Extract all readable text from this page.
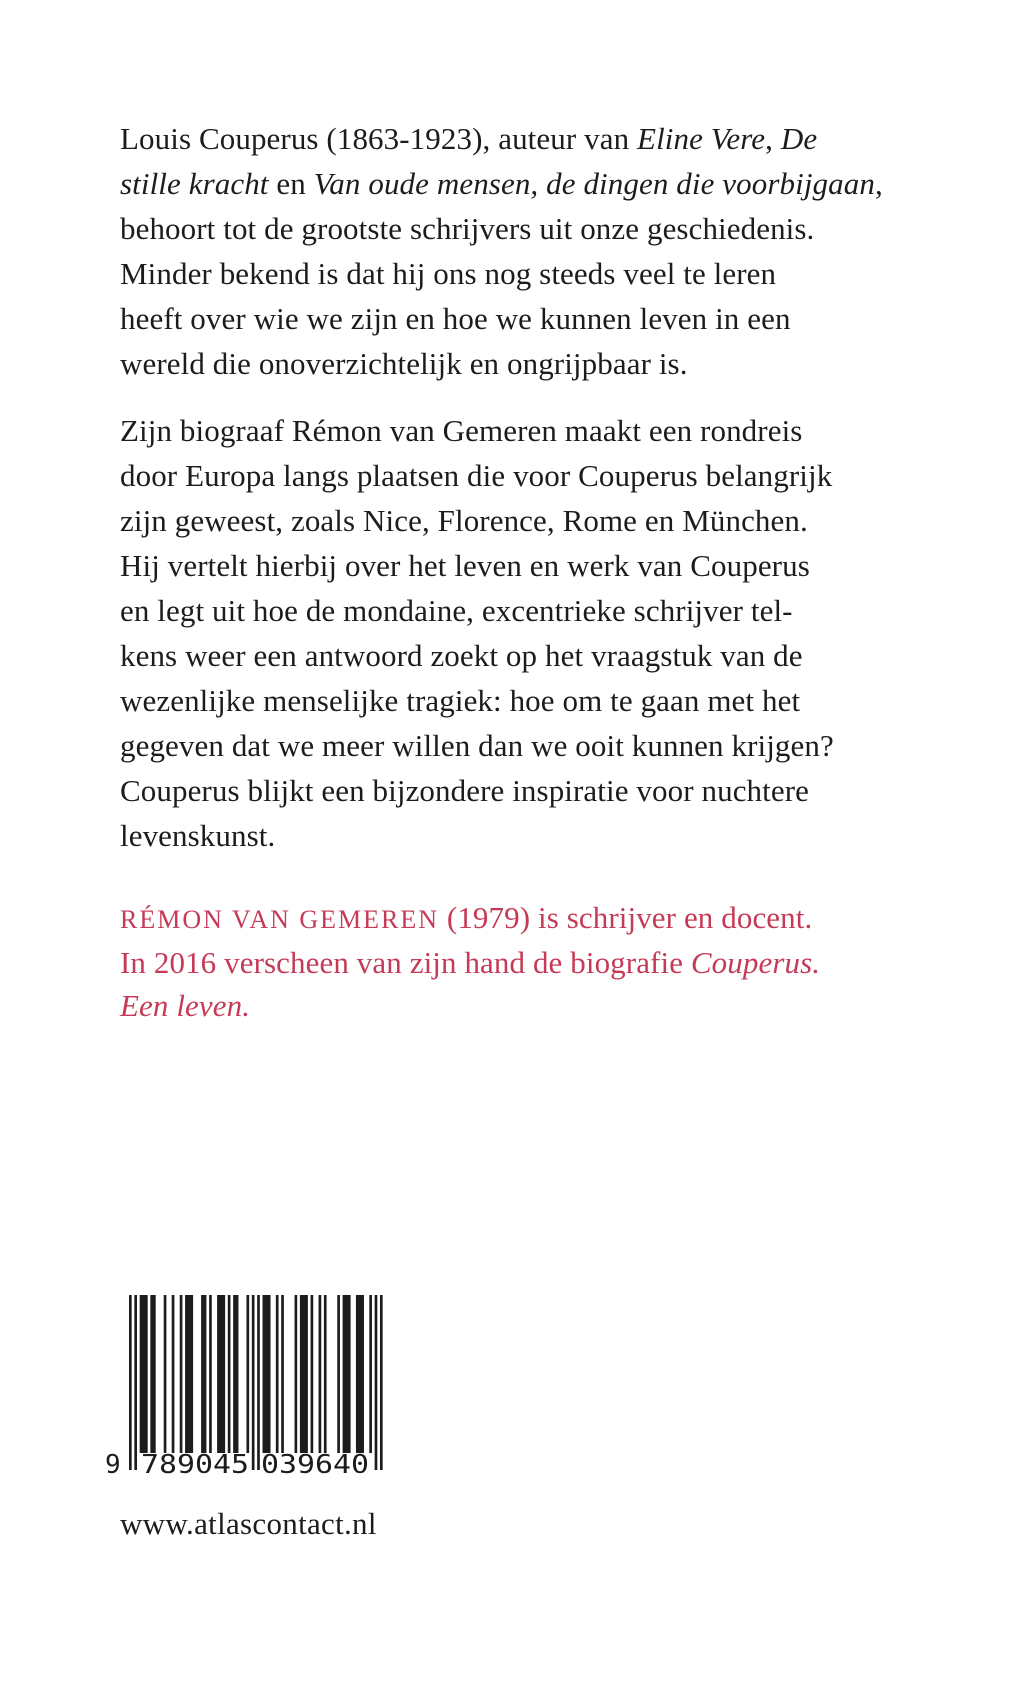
Louis Couperus (1863-1923), auteur van Eline Vere, De
stille kracht en Van oude mensen, de dingen die voorbijgaan,
behoort tot de grootste schrijvers uit onze geschiedenis.
Minder bekend is dat hij ons nog steeds veel te leren
heeft over wie we zijn en hoe we kunnen leven in een
wereld die onoverzichtelijk en ongrijpbaar is.
Zijn biograaf Rémon van Gemeren maakt een rondreis
door Europa langs plaatsen die voor Couperus belangrijk
zijn geweest, zoals Nice, Florence, Rome en München.
Hij vertelt hierbij over het leven en werk van Couperus
en legt uit hoe de mondaine, excentrieke schrijver tel-
kens weer een antwoord zoekt op het vraagstuk van de
wezenlijke menselijke tragiek: hoe om te gaan met het
gegeven dat we meer willen dan we ooit kunnen krijgen?
Couperus blijkt een bijzondere inspiratie voor nuchtere
levenskunst.
RÉMON VAN GEMEREN (1979) is schrijver en docent.
In 2016 verscheen van zijn hand de biografie Couperus.
Een leven.
9 789045 039640
www.atlascontact.nl
